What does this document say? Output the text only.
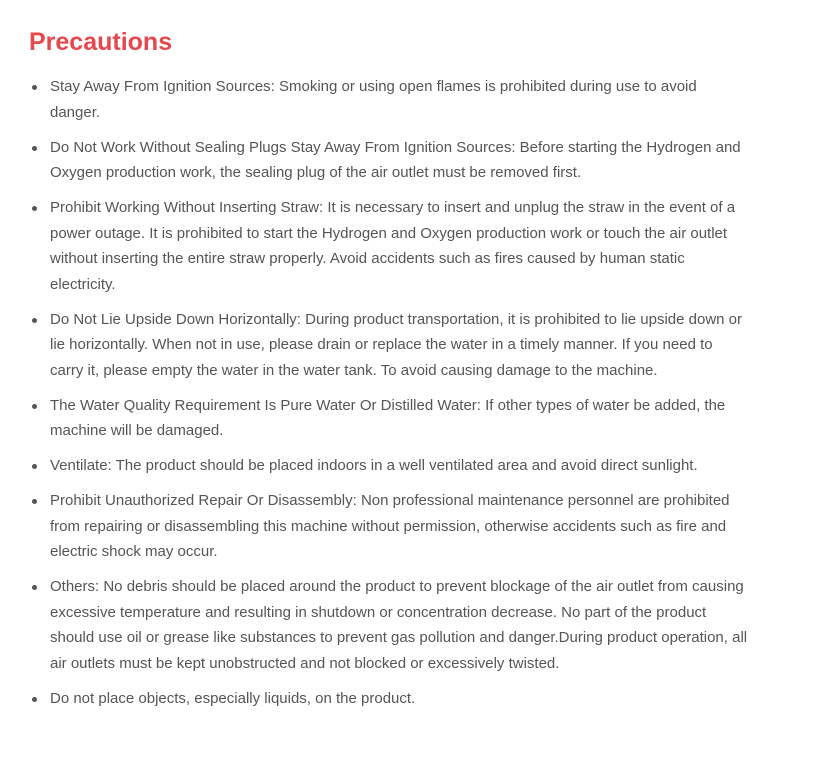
Precautions
Stay Away From Ignition Sources: Smoking or using open flames is prohibited during use to avoid danger.
Do Not Work Without Sealing Plugs Stay Away From Ignition Sources: Before starting the Hydrogen and Oxygen production work, the sealing plug of the air outlet must be removed first.
Prohibit Working Without Inserting Straw: It is necessary to insert and unplug the straw in the event of a power outage. It is prohibited to start the Hydrogen and Oxygen production work or touch the air outlet without inserting the entire straw properly. Avoid accidents such as fires caused by human static electricity.
Do Not Lie Upside Down Horizontally: During product transportation, it is prohibited to lie upside down or lie horizontally. When not in use, please drain or replace the water in a timely manner. If you need to carry it, please empty the water in the water tank. To avoid causing damage to the machine.
The Water Quality Requirement Is Pure Water Or Distilled Water: If other types of water be added, the machine will be damaged.
Ventilate: The product should be placed indoors in a well ventilated area and avoid direct sunlight.
Prohibit Unauthorized Repair Or Disassembly: Non professional maintenance personnel are prohibited from repairing or disassembling this machine without permission, otherwise accidents such as fire and electric shock may occur.
Others: No debris should be placed around the product to prevent blockage of the air outlet from causing excessive temperature and resulting in shutdown or concentration decrease. No part of the product should use oil or grease like substances to prevent gas pollution and danger.During product operation, all air outlets must be kept unobstructed and not blocked or excessively twisted.
Do not place objects, especially liquids, on the product.
